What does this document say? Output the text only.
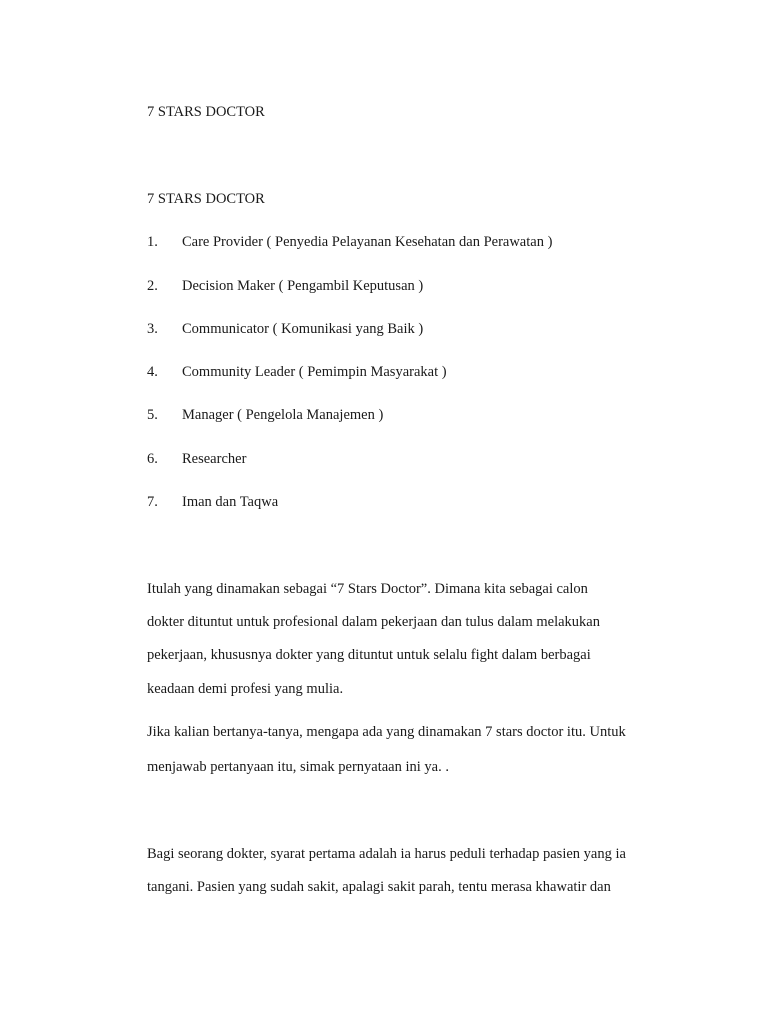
7 STARS DOCTOR
7 STARS DOCTOR
1. Care Provider ( Penyedia Pelayanan Kesehatan dan Perawatan )
2. Decision Maker ( Pengambil Keputusan )
3. Communicator ( Komunikasi yang Baik )
4. Community Leader ( Pemimpin Masyarakat )
5. Manager ( Pengelola Manajemen )
6. Researcher
7. Iman dan Taqwa
Itulah yang dinamakan sebagai “7 Stars Doctor”. Dimana kita sebagai calon
dokter dituntut untuk profesional dalam pekerjaan dan tulus dalam melakukan
pekerjaan, khususnya dokter yang dituntut untuk selalu fight dalam berbagai
keadaan demi profesi yang mulia.
Jika kalian bertanya-tanya, mengapa ada yang dinamakan 7 stars doctor itu. Untuk
menjawab pertanyaan itu, simak pernyataan ini ya. .
Bagi seorang dokter, syarat pertama adalah ia harus peduli terhadap pasien yang ia
tangani. Pasien yang sudah sakit, apalagi sakit parah, tentu merasa khawatir dan
